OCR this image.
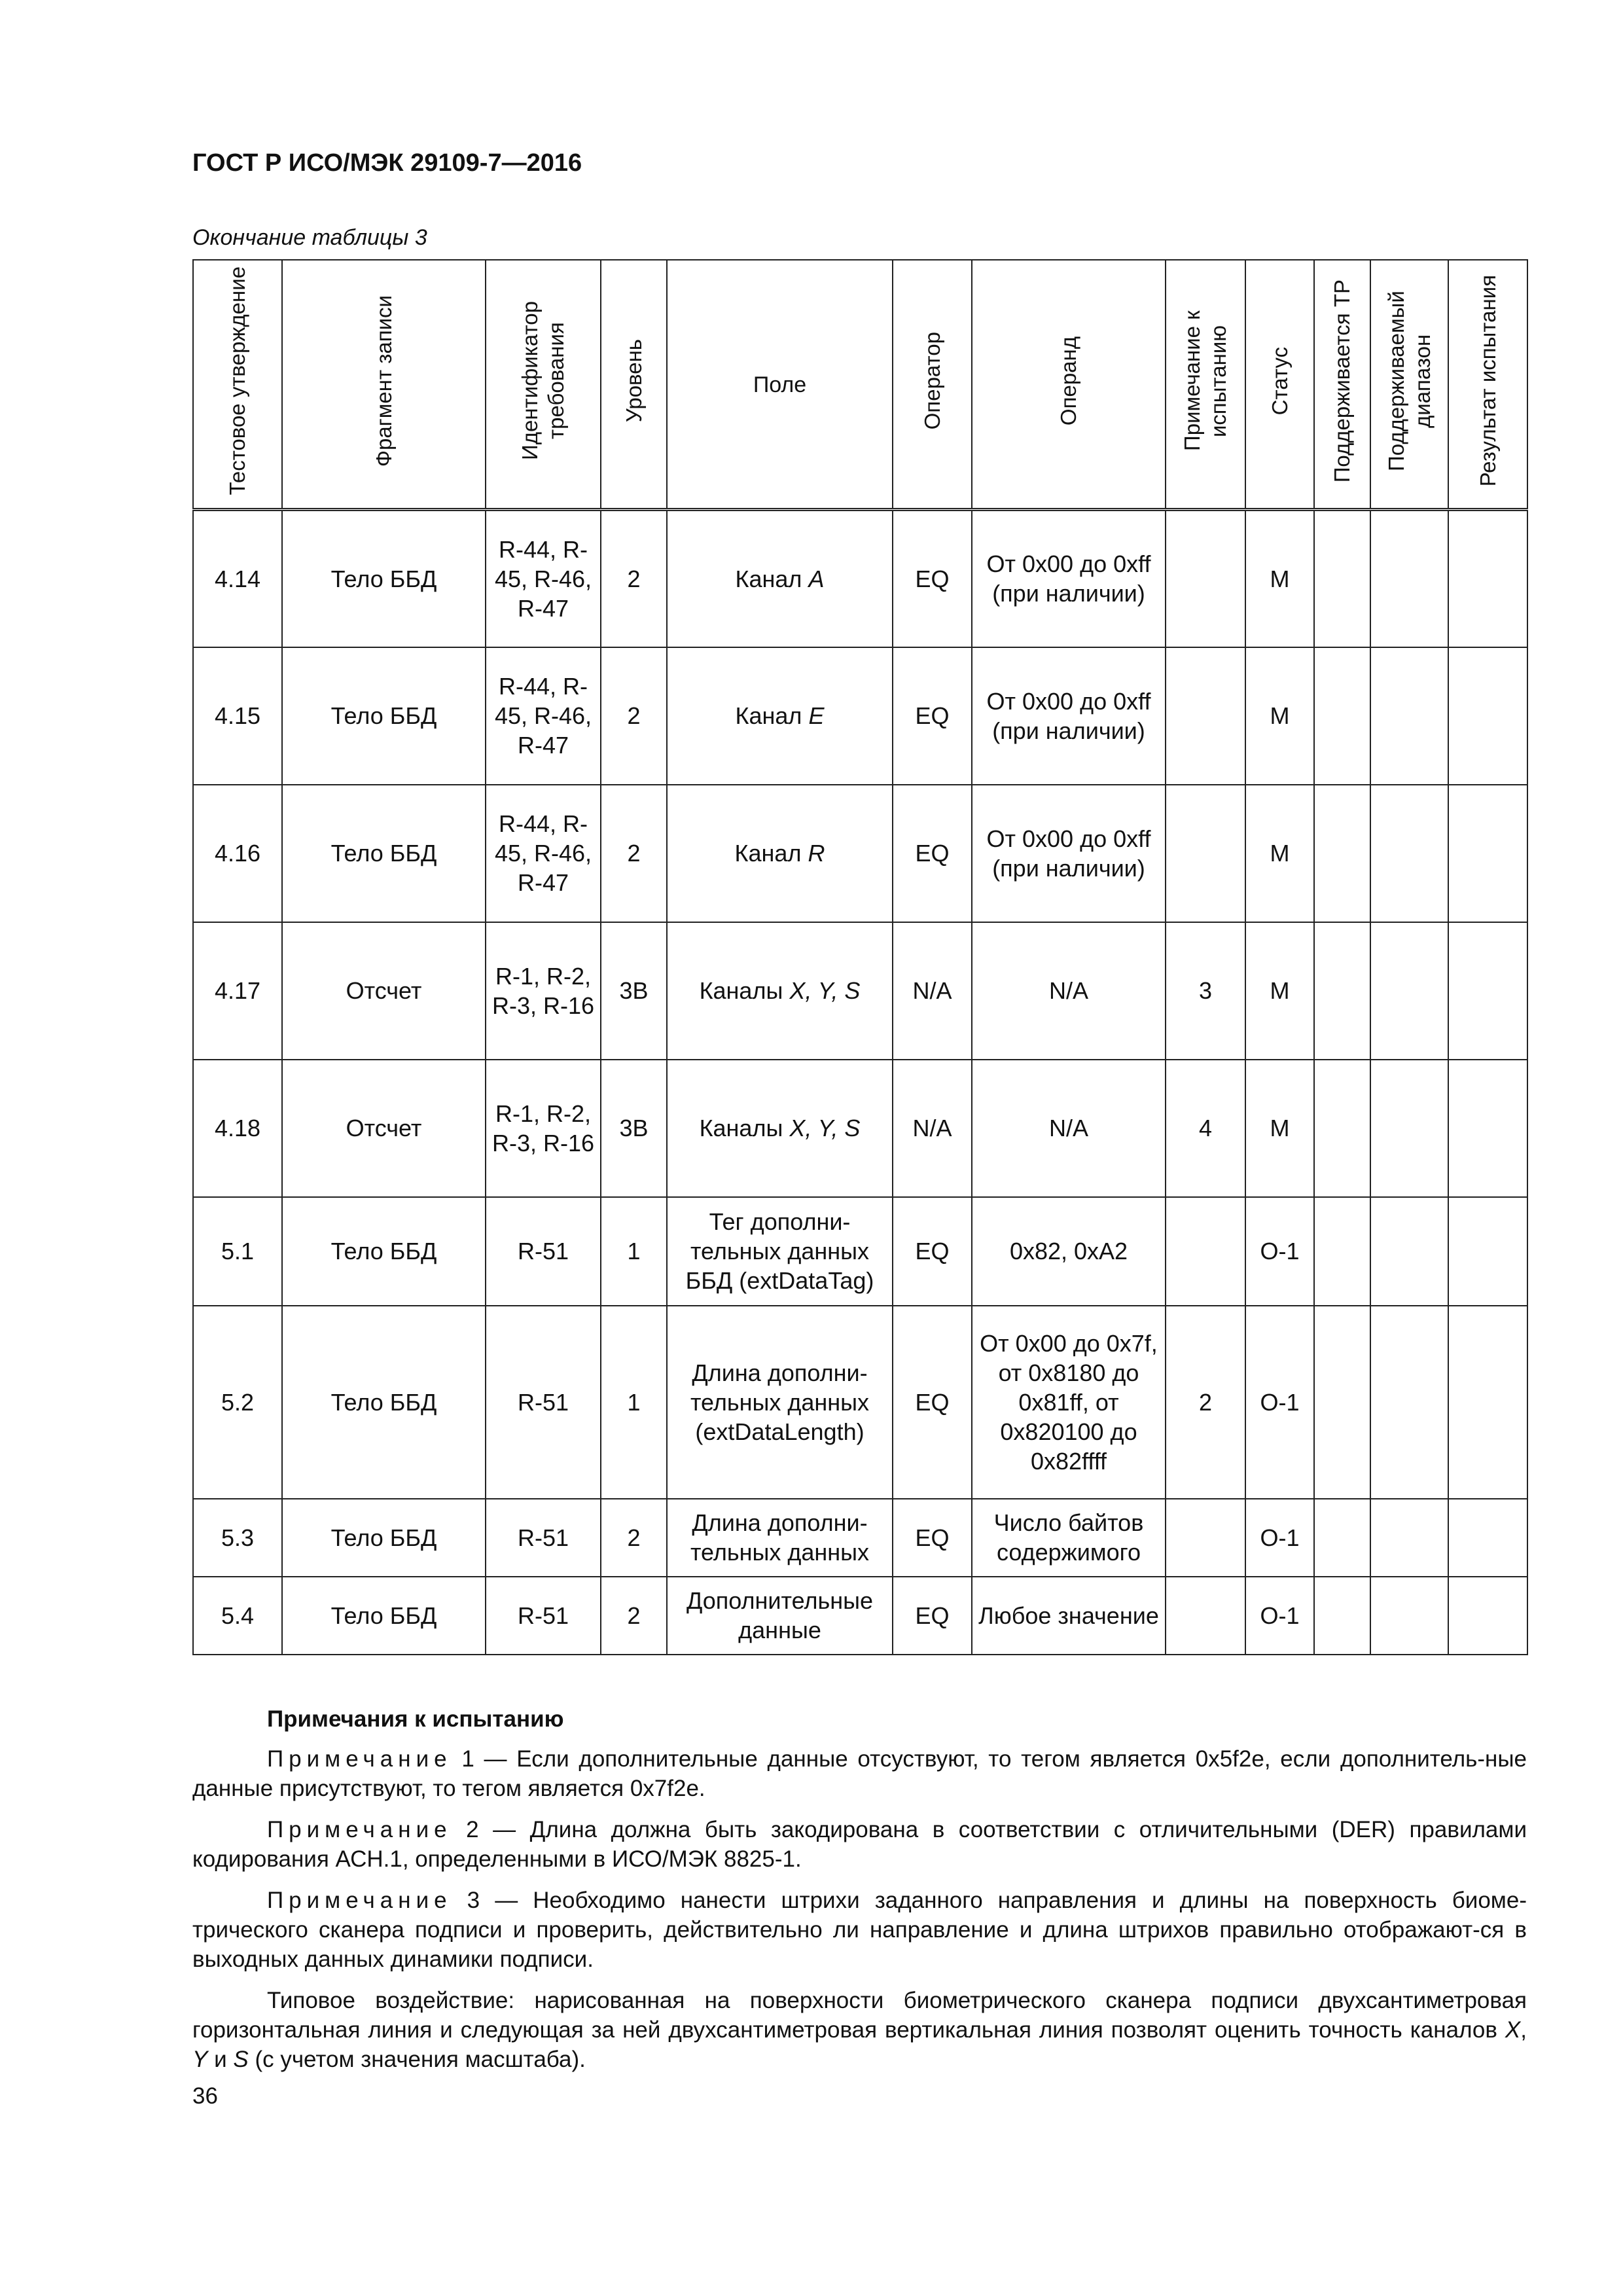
ГОСТ Р ИСО/МЭК 29109-7—2016
Окончание таблицы 3
Тестовое утверждение	Фрагмент записи	Идентификатор требования	Уровень	Поле	Оператор	Операнд	Примечание к испытанию	Статус	Поддерживается ТР	Поддерживаемый диапазон	Результат испытания
4.14	Тело ББД	R-44, R-45, R-46, R-47	2	Канал A	EQ	От 0x00 до 0xff (при наличии)		M			
4.15	Тело ББД	R-44, R-45, R-46, R-47	2	Канал E	EQ	От 0x00 до 0xff (при наличии)		M			
4.16	Тело ББД	R-44, R-45, R-46, R-47	2	Канал R	EQ	От 0x00 до 0xff (при наличии)		M			
4.17	Отсчет	R-1, R-2, R-3, R-16	3B	Каналы X, Y, S	N/A	N/A	3	M			
4.18	Отсчет	R-1, R-2, R-3, R-16	3B	Каналы X, Y, S	N/A	N/A	4	M			
5.1	Тело ББД	R-51	1	Тег дополни-тельных данных ББД (extDataTag)	EQ	0x82, 0xA2		O-1			
5.2	Тело ББД	R-51	1	Длина дополни-тельных данных (extDataLength)	EQ	От 0x00 до 0x7f, от 0x8180 до 0x81ff, от 0x820100 до 0x82ffff	2	O-1			
5.3	Тело ББД	R-51	2	Длина дополни-тельных данных	EQ	Число байтов содержимого		O-1			
5.4	Тело ББД	R-51	2	Дополнительные данные	EQ	Любое значение		O-1			
Примечания к испытанию

Примечание 1 — Если дополнительные данные отсуствуют, то тегом является 0x5f2e, если дополнитель-ные данные присутствуют, то тегом является 0x7f2e.

Примечание 2 — Длина должна быть закодирована в соответствии с отличительными (DER) правилами кодирования АСН.1, определенными в ИСО/МЭК 8825-1.

Примечание 3 — Необходимо нанести штрихи заданного направления и длины на поверхность биоме-трического сканера подписи и проверить, действительно ли направление и длина штрихов правильно отображают-ся в выходных данных динамики подписи.

Типовое воздействие: нарисованная на поверхности биометрического сканера подписи двухсантиметровая горизонтальная линия и следующая за ней двухсантиметровая вертикальная линия позволят оценить точность каналов X, Y и S (с учетом значения масштаба).

36
